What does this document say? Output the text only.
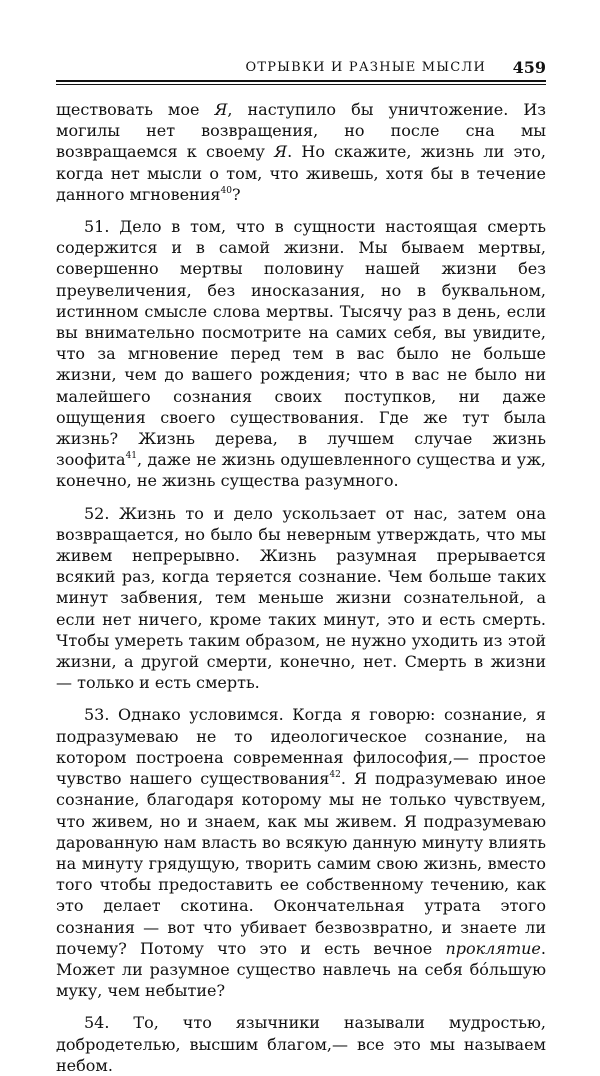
ОТРЫВКИ И РАЗНЫЕ МЫСЛИ 459

ществовать мое Я, наступило бы уничтожение. Из могилы нет возвращения, но после сна мы возвращаемся к своему Я. Но скажите, жизнь ли это, когда нет мысли о том, что живешь, хотя бы в течение данного мгновения$^{40}$?

51. Дело в том, что в сущности настоящая смерть содержится и в самой жизни. Мы бываем мертвы, совершенно мертвы половину нашей жизни без преувеличения, без иносказания, но в буквальном, истинном смысле слова мертвы. Тысячу раз в день, если вы внимательно посмотрите на самих себя, вы увидите, что за мгновение перед тем в вас было не больше жизни, чем до вашего рождения; что в вас не было ни малейшего сознания своих поступков, ни даже ощущения своего существования. Где же тут была жизнь? Жизнь дерева, в лучшем случае жизнь зоофита$^{41}$, даже не жизнь одушевленного существа и уж, конечно, не жизнь существа разумного.

52. Жизнь то и дело ускользает от нас, затем она возвращается, но было бы неверным утверждать, что мы живем непрерывно. Жизнь разумная прерывается всякий раз, когда теряется сознание. Чем больше таких минут забвения, тем меньше жизни сознательной, а если нет ничего, кроме таких минут, это и есть смерть. Чтобы умереть таким образом, не нужно уходить из этой жизни, а другой смерти, конечно, нет. Смерть в жизни — только и есть смерть.

53. Однако условимся. Когда я говорю: сознание, я подразумеваю не то идеологическое сознание, на котором построена современная философия,— простое чувство нашего существования$^{42}$. Я подразумеваю иное сознание, благодаря которому мы не только чувствуем, что живем, но и знаем, как мы живем. Я подразумеваю дарованную нам власть во всякую данную минуту влиять на минуту грядущую, творить самим свою жизнь, вместо того чтобы предоставить ее собственному течению, как это делает скотина. Окончательная утрата этого сознания — вот что убивает безвозвратно, и знаете ли почему? Потому что это и есть вечное проклятие. Может ли разумное существо навлечь на себя бо́льшую муку, чем небытие?

54. То, что язычники называли мудростью, добродетелью, высшим благом,— все это мы называем небом.
